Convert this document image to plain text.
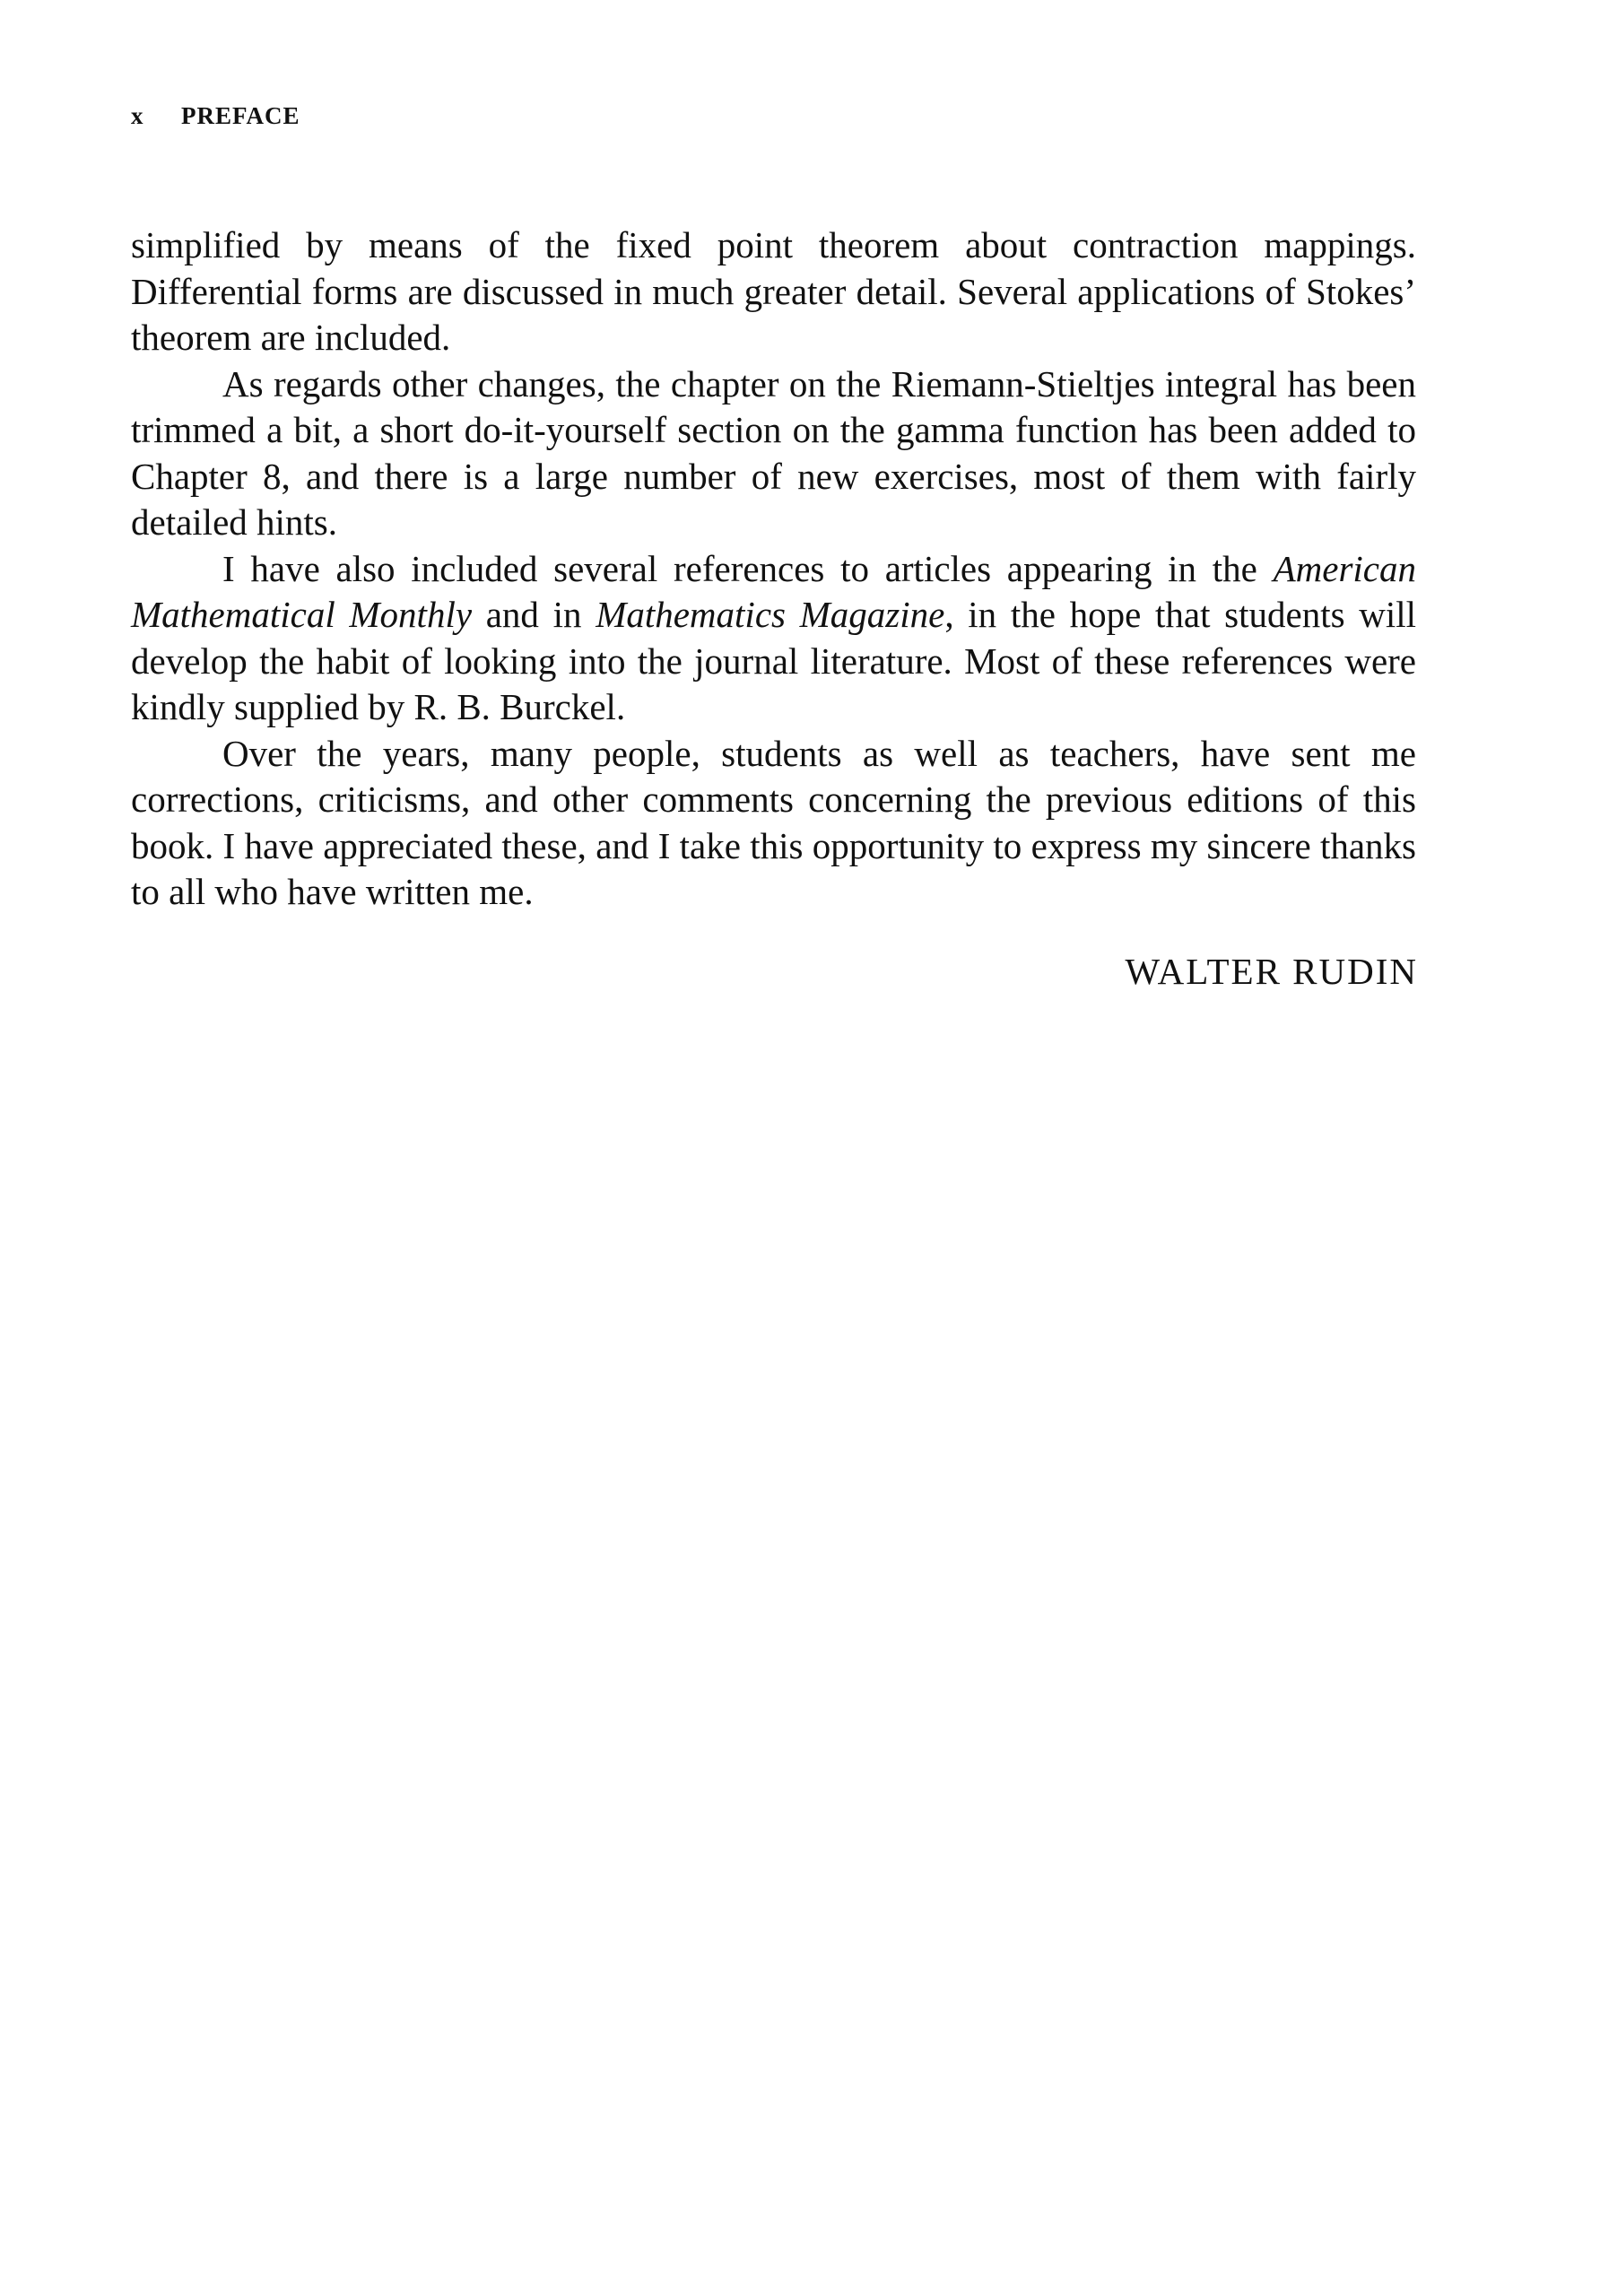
x PREFACE

simplified by means of the fixed point theorem about contraction mappings. Differential forms are discussed in much greater detail. Several applications of Stokes’ theorem are included.

As regards other changes, the chapter on the Riemann-Stieltjes integral has been trimmed a bit, a short do-it-yourself section on the gamma function has been added to Chapter 8, and there is a large number of new exercises, most of them with fairly detailed hints.

I have also included several references to articles appearing in the American Mathematical Monthly and in Mathematics Magazine, in the hope that students will develop the habit of looking into the journal literature. Most of these references were kindly supplied by R. B. Burckel.

Over the years, many people, students as well as teachers, have sent me corrections, criticisms, and other comments concerning the previous editions of this book. I have appreciated these, and I take this opportunity to express my sincere thanks to all who have written me.

WALTER RUDIN
